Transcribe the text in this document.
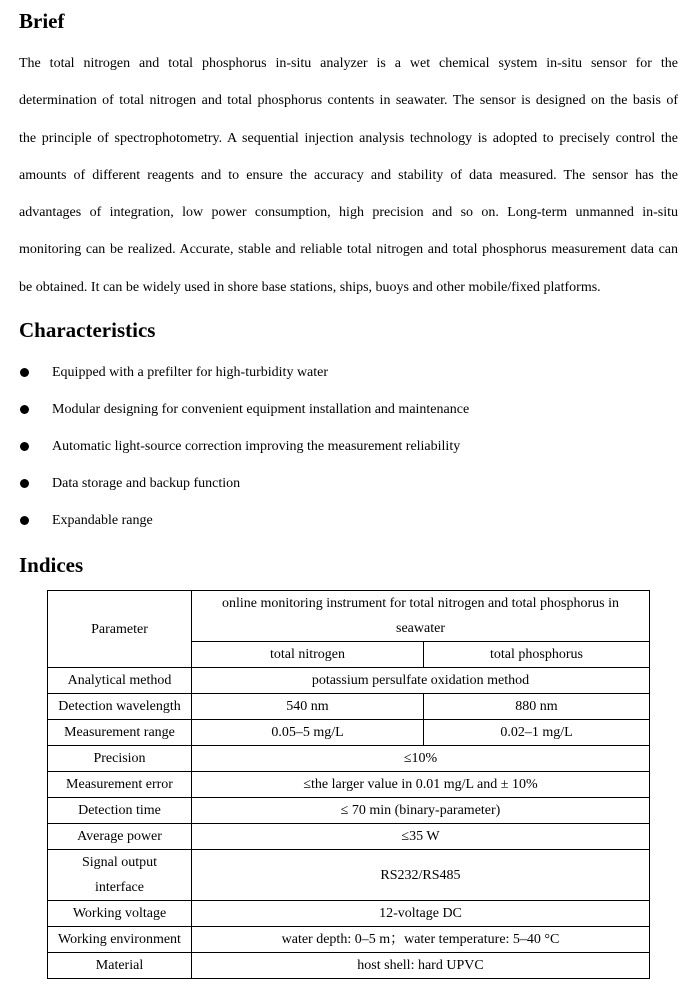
Brief
The total nitrogen and total phosphorus in-situ analyzer is a wet chemical system in-situ sensor for the
determination of total nitrogen and total phosphorus contents in seawater. The sensor is designed on the basis of
the principle of spectrophotometry. A sequential injection analysis technology is adopted to precisely control the
amounts of different reagents and to ensure the accuracy and stability of data measured. The sensor has the
advantages of integration, low power consumption, high precision and so on. Long-term unmanned in-situ
monitoring can be realized. Accurate, stable and reliable total nitrogen and total phosphorus measurement data can
be obtained. It can be widely used in shore base stations, ships, buoys and other mobile/fixed platforms.
Characteristics
Equipped with a prefilter for high-turbidity water
Modular designing for convenient equipment installation and maintenance
Automatic light-source correction improving the measurement reliability
Data storage and backup function
Expandable range
Indices
Parameter	online monitoring instrument for total nitrogen and total phosphorus in
seawater	

	total nitrogen	total phosphorus
Analytical method	potassium persulfate oxidation method	
Detection wavelength	540 nm	880 nm
Measurement range	0.05–5 mg/L	0.02–1 mg/L
Precision	≤10%	
Measurement error	≤the larger value in 0.01 mg/L and ± 10%	
Detection time	≤ 70 min (binary-parameter)	
Average power	≤35 W	

Signal output
interface	RS232/RS485	
Working voltage	12-voltage DC	
Working environment	water depth: 0–5 m；water temperature: 5–40 °C	
Material	host shell: hard UPVC	
